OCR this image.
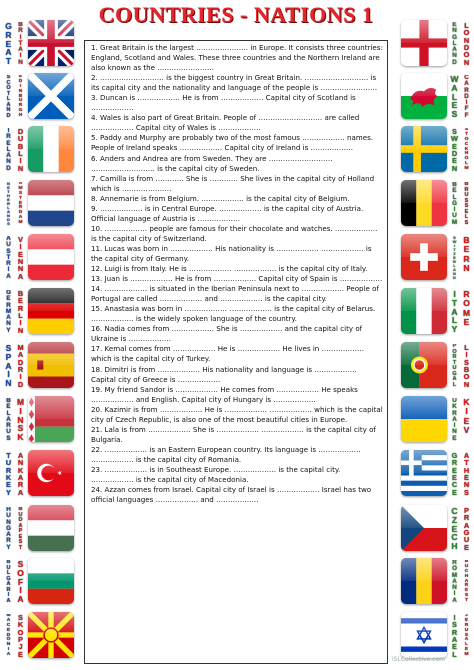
COUNTRIES - NATIONS 1
1. Great Britain is the largest …………………. in Europe. It consists three countries: England, Scotland and Wales. These three countries and the Northern Ireland are also known as the ……………………
2. ……………………… is the biggest country in Great Britain. ……………………… is its capital city and the nationality and language of the people is ……………………
3. Duncan is ……………… He is from ……………… Capital city of Scotland is ………………
4. Wales is also part of Great Britain. People of ……………………… are called ……………… Capital city of Wales is ………………
5. Paddy and Murphy are probably two of the most famous ……………… names. People of Ireland speaks ……………… Capital city of Ireland is ………………
6. Anders and Andrea are from Sweden. They are ……………………… ……………………… is the capital city of Sweden.
7. Camilla is from ………… She is ………… She lives in the capital city of Holland which is …………………
8. Annemarie is from Belgium. ……………… is the capital city of Belgium.
9. ……………… is in Central Europe. ……………… is the capital city of Austria. Official language of Austria is ………………
10. ……………… people are famous for their chocolate and watches. ……………… is the capital city of Switzerland.
11. Lucas was born in ……………… His nationality is ……………… ……………… is the capital city of Germany.
12. Luigi is from Italy. He is ……………… ……………… is the capital city of Italy.
13. Juan is ……………… He is from ……………… Capital city of Spain is ………………
14. ……………… is situated in the Iberian Peninsula next to ……………… People of Portugal are called ……………… and ……………… is the capital city.
15. Anastasia was born in ……………… ……………… is the capital city of Belarus. ……………… is the widely spoken language of the country.
16. Nadia comes from ……………… She is ……………… and the capital city of Ukraine is ………………
17. Kemal comes from ……………… He is ……………… He lives in ……………… which is the capital city of Turkey.
18. Dimitri is from ……………… His nationality and language is ……………… Capital city of Greece is ………………
19. My friend Sandor is ……………… He comes from ……………… He speaks ……………… and English. Capital city of Hungary is ………………
20. Kazimir is from ……………… He is ……………… ……………… which is the capital city of Czech Republic, is also one of the most beautiful cities in Europe.
21. Lala is from ……………… She is ……………… ……………… is the capital city of Bulgaria.
22. ……………… is an Eastern European country. Its language is ……………… ……………… is the capital city of Romania.
23. ……………… is in Southeast Europe. ……………… is the capital city. ……………… is the capital city of Macedonia.
24. Azzan comes from Israel. Capital city of Israel is ……………… Israel has two official languages ……………… and ………………
G
R
E
A
T
B
R
I
T
A
I
N
S
C
O
T
L
A
N
D
E
D
I
N
B
U
R
G
H
I
R
E
L
A
N
D
D
U
B
L
I
N
N
E
T
H
E
R
L
A
N
D
S
A
M
S
T
E
R
D
A
M
A
U
S
T
R
I
A
V
I
E
N
N
A
G
E
R
M
A
N
Y
B
E
R
L
I
N
S
P
A
I
N
M
A
D
R
I
D
B
E
L
A
R
U
S
M
I
N
S
K
T
U
R
K
E
Y
A
N
K
A
R
A
H
U
N
G
A
R
Y
B
U
D
A
P
E
S
T
B
U
L
G
A
R
I
A
S
O
F
I
A
M
A
C
E
D
O
N
I
A
S
K
O
P
J
E
E
N
G
L
A
N
D
L
O
N
D
O
N
W
A
L
E
S
C
A
R
D
I
F
F
S
W
E
D
E
N
S
T
O
C
K
H
O
L
M
B
E
L
G
I
U
M
B
R
U
S
S
E
L
S
S
W
I
T
Z
E
R
L
A
N
D
B
E
R
N
I
T
A
L
Y
R
O
M
E
P
O
R
T
U
G
A
L
L
I
S
B
O
N
U
K
R
A
I
N
E
K
I
E
V
G
R
E
E
C
E
A
T
H
E
N
S
C
Z
E
C
H
P
R
A
G
U
E
R
O
M
A
N
I
A
B
U
C
H
A
R
E
S
T
I
S
R
A
E
L
J
E
R
U
S
A
L
E
M
iSLCollective.com
